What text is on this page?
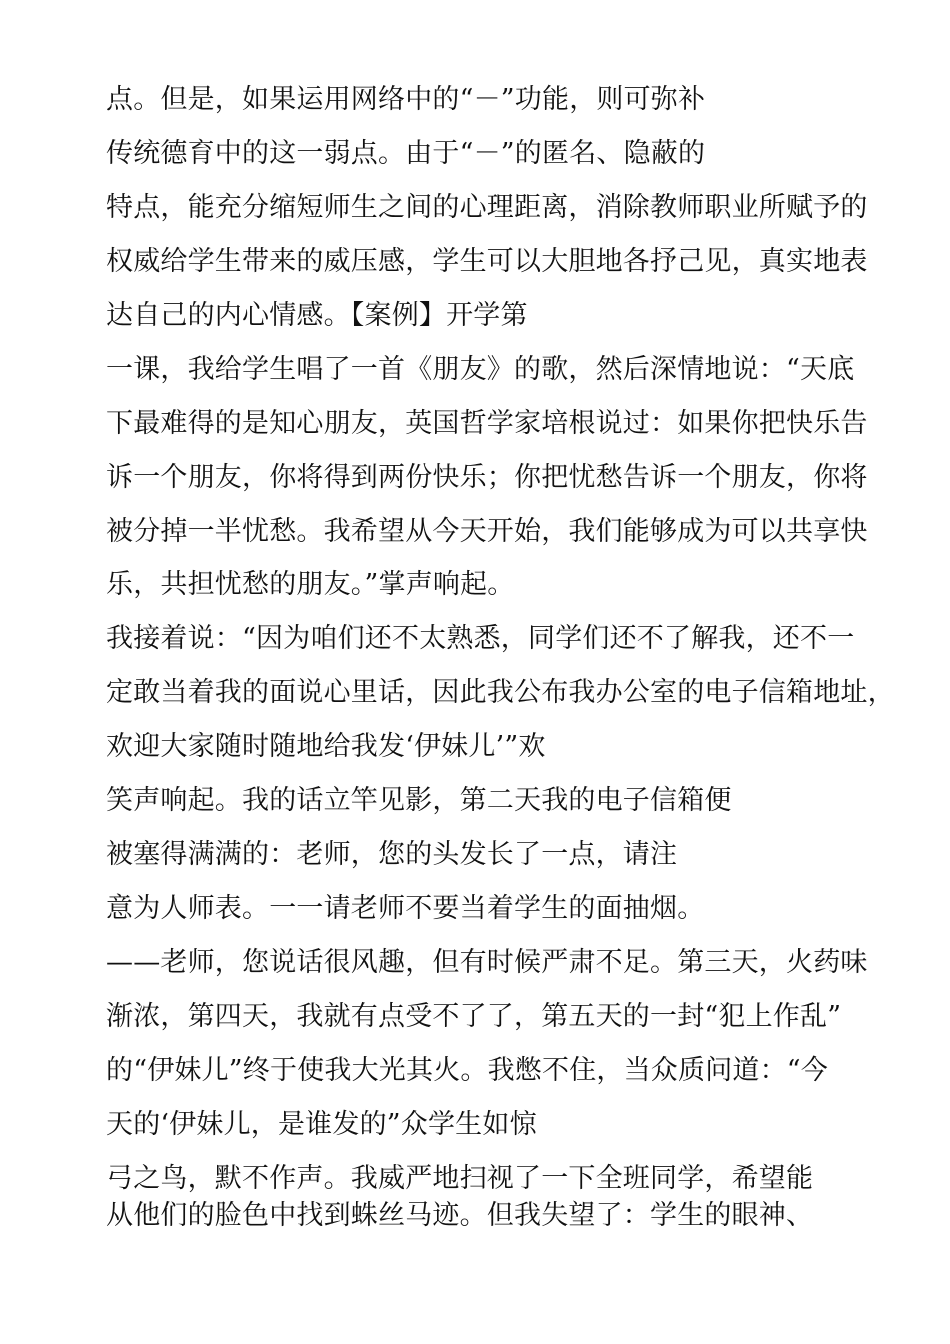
点。但是，如果运用网络中的“－”功能，则可弥补
传统德育中的这一弱点。由于“－”的匿名、隐蔽的
特点，能充分缩短师生之间的心理距离，消除教师职业所赋予的
权威给学生带来的威压感，学生可以大胆地各抒己见，真实地表
达自己的内心情感。【案例】开学第
一课，我给学生唱了一首《朋友》的歌，然后深情地说：“天底
下最难得的是知心朋友，英国哲学家培根说过：如果你把快乐告
诉一个朋友，你将得到两份快乐；你把忧愁告诉一个朋友，你将
被分掉一半忧愁。我希望从今天开始，我们能够成为可以共享快
乐，共担忧愁的朋友。”掌声响起。
我接着说：“因为咱们还不太熟悉，同学们还不了解我，还不一
定敢当着我的面说心里话，因此我公布我办公室的电子信箱地址，
欢迎大家随时随地给我发‘伊妹儿’”欢
笑声响起。我的话立竿见影，第二天我的电子信箱便
被塞得满满的：老师，您的头发长了一点，请注
意为人师表。一一请老师不要当着学生的面抽烟。
——老师，您说话很风趣，但有时候严肃不足。第三天，火药味
渐浓，第四天，我就有点受不了了，第五天的一封“犯上作乱”
的“伊妹儿”终于使我大光其火。我憋不住，当众质问道：“今
天的‘伊妹儿，是谁发的”众学生如惊
弓之鸟，默不作声。我威严地扫视了一下全班同学，希望能
从他们的脸色中找到蛛丝马迹。但我失望了：学生的眼神、
